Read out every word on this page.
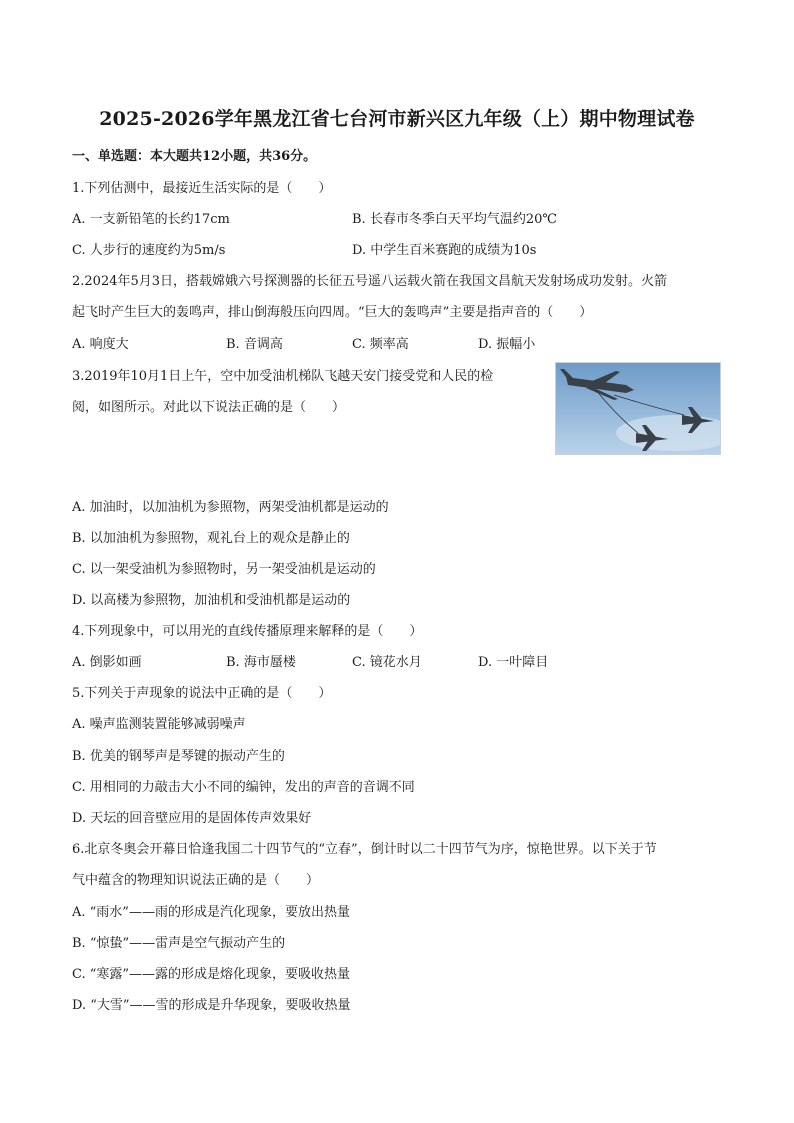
2025-2026学年黑龙江省七台河市新兴区九年级（上）期中物理试卷
一、单选题：本大题共12小题，共36分。
1.下列估测中，最接近生活实际的是（　　）
A. 一支新铅笔的长约17cm	B. 长春市冬季白天平均气温约20℃
C. 人步行的速度约为5m/s	D. 中学生百米赛跑的成绩为10s
2.2024年5月3日，搭载嫦娥六号探测器的长征五号遥八运载火箭在我国文昌航天发射场成功发射。火箭
起飞时产生巨大的轰鸣声，排山倒海般压向四周。“巨大的轰鸣声”主要是指声音的（　　）
A. 响度大	B. 音调高	C. 频率高	D. 振幅小
3.2019年10月1日上午，空中加受油机梯队飞越天安门接受党和人民的检
阅，如图所示。对此以下说法正确的是（　　）
A. 加油时，以加油机为参照物，两架受油机都是运动的
B. 以加油机为参照物，观礼台上的观众是静止的
C. 以一架受油机为参照物时，另一架受油机是运动的
D. 以高楼为参照物，加油机和受油机都是运动的
4.下列现象中，可以用光的直线传播原理来解释的是（　　）
A. 倒影如画	B. 海市蜃楼	C. 镜花水月	D. 一叶障目
5.下列关于声现象的说法中正确的是（　　）
A. 噪声监测装置能够减弱噪声
B. 优美的钢琴声是琴键的振动产生的
C. 用相同的力敲击大小不同的编钟，发出的声音的音调不同
D. 天坛的回音壁应用的是固体传声效果好
6.北京冬奥会开幕日恰逢我国二十四节气的“立春”，倒计时以二十四节气为序，惊艳世界。以下关于节
气中蕴含的物理知识说法正确的是（　　）
A. “雨水”——雨的形成是汽化现象，要放出热量
B. “惊蛰”——雷声是空气振动产生的
C. “寒露”——露的形成是熔化现象，要吸收热量
D. “大雪”——雪的形成是升华现象，要吸收热量
